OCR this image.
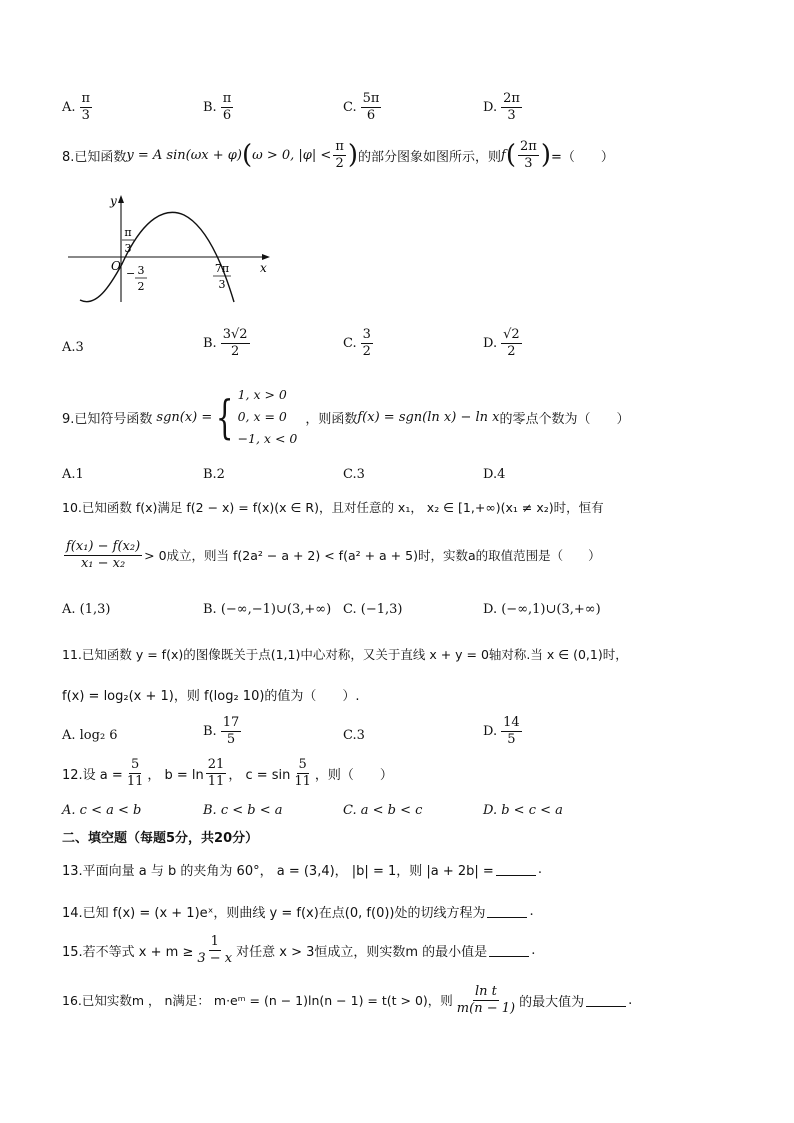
A. $\frac{\pi}{3}$	B. $\frac{\pi}{6}$	C. $\frac{5\pi}{6}$	D. $\frac{2\pi}{3}$
8.已知函数 y = A sin(ωx + φ) ( ω > 0, $|\varphi| < \frac{\pi}{2}$ ) 的部分图象如图所示，则 f ( $\frac{2\pi}{3}$ ) =（　　）
y
x
O
π
3
− 3
2
7π
3
A.3	B. $\frac{3√2}{2}$	C. $\frac{3}{2}$	D. $\frac{√2}{2}$
9.已知符号函数 sgn(x) = { 1, x > 0
0, x = 0
−1, x < 0
，则函数 f(x) = sgn(ln x) − ln x 的零点个数为（　　）
A.1	B.2	C.3	D.4
10.已知函数 f(x)满足 f(2 − x) = f(x)(x ∈ R)，且对任意的 x₁， x₂ ∈ [1,+∞)(x₁ ≠ x₂)时，恒有
$\frac{\text{f(x₁) − f(x₂)}}{\text{x₁ − x₂}} > 0$成立，则当 f(2a² − a + 2) < f(a² + a + 5)时，实数a的取值范围是（　　）
A. (1,3)	B. (−∞,−1)∪(3,+∞) C. (−1,3)	D. (−∞,1)∪(3,+∞)
11.已知函数 y = f(x)的图像既关于点(1,1)中心对称，又关于直线 x + y = 0轴对称.当 x ∈ (0,1)时，
f(x) = log₂(x + 1)，则 f(log₂ 10)的值为（　　）.
A. log₂ 6	B. $\frac{17}{5}$	C.3	D. $\frac{14}{5}$
12.设 $a = \frac{5}{11}$ ， $b = \ln \frac{21}{11}$ ， $c = \sin \frac{5}{11}$ ，则（　　）
A. c < a < b	B. c < b < a	C. a < b < c	D. b < c < a
二、填空题（每题5分，共20分）
13.平面向量 a 与 b 的夹角为 60°， a = (3,4)， |b| = 1，则 |a + 2b| =	.
14.已知 f(x) = (x + 1)eˣ，则曲线 y = f(x)在点(0, f(0))处的切线方程为	.
15.若不等式 $x + m \ge \frac{1}{3 - x}$ 对任意 x > 3恒成立，则实数m 的最小值是	.
16.已知实数m ， n满足： m·eᵐ = (n − 1)ln(n − 1) = t(t > 0)，则 $\frac{\text{ln t}}{m(n - 1)}$ 的最大值为	.
